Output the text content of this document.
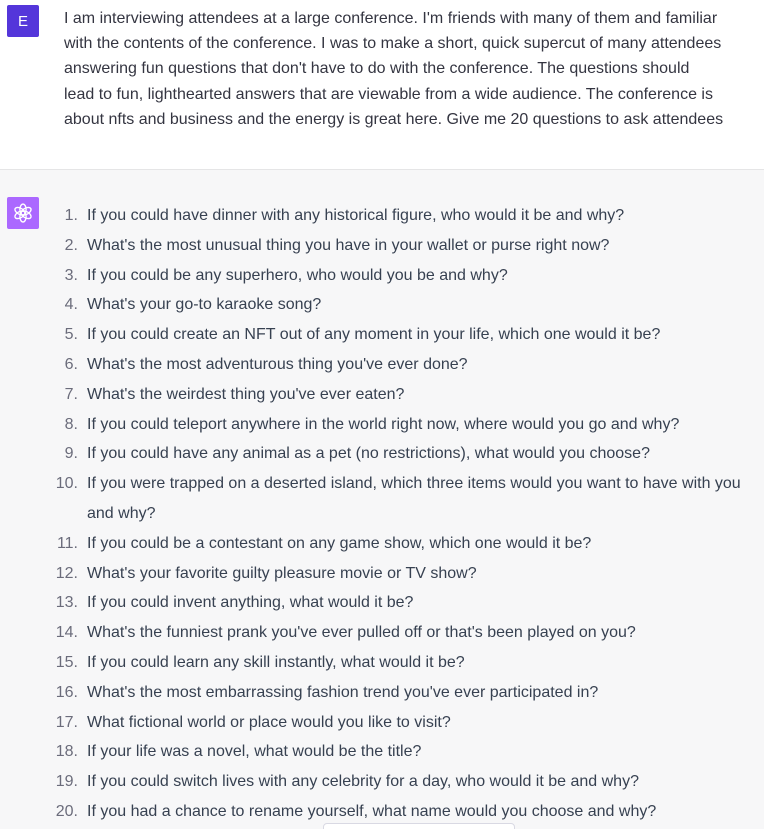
E I am interviewing attendees at a large conference. I'm friends with many of them and familiar
with the contents of the conference. I was to make a short, quick supercut of many attendees
answering fun questions that don't have to do with the conference. The questions should
lead to fun, lighthearted answers that are viewable from a wide audience. The conference is
about nfts and business and the energy is great here. Give me 20 questions to ask attendees

1. If you could have dinner with any historical figure, who would it be and why?
2. What's the most unusual thing you have in your wallet or purse right now?
3. If you could be any superhero, who would you be and why?
4. What's your go-to karaoke song?
5. If you could create an NFT out of any moment in your life, which one would it be?
6. What's the most adventurous thing you've ever done?
7. What's the weirdest thing you've ever eaten?
8. If you could teleport anywhere in the world right now, where would you go and why?
9. If you could have any animal as a pet (no restrictions), what would you choose?
10. If you were trapped on a deserted island, which three items would you want to have with you and why?
11. If you could be a contestant on any game show, which one would it be?
12. What's your favorite guilty pleasure movie or TV show?
13. If you could invent anything, what would it be?
14. What's the funniest prank you've ever pulled off or that's been played on you?
15. If you could learn any skill instantly, what would it be?
16. What's the most embarrassing fashion trend you've ever participated in?
17. What fictional world or place would you like to visit?
18. If your life was a novel, what would be the title?
19. If you could switch lives with any celebrity for a day, who would it be and why?
20. If you had a chance to rename yourself, what name would you choose and why?
